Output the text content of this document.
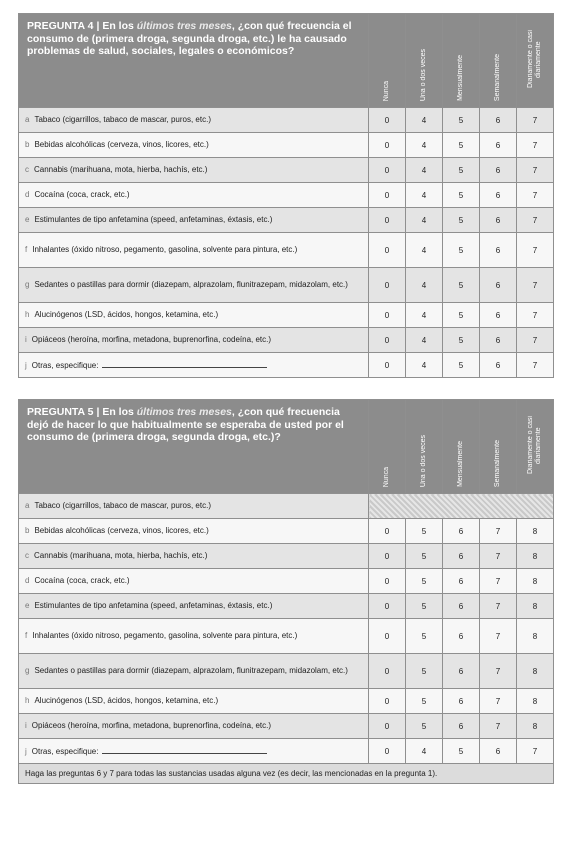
PREGUNTA 4 | En los últimos tres meses, ¿con qué frecuencia el consumo de (primera droga, segunda droga, etc.) le ha causado problemas de salud, sociales, legales o económicos?	Nunca	Una o dos veces	Mensualmente	Semanalmente	Diariamente o casi diariamente
a Tabaco (cigarrillos, tabaco de mascar, puros, etc.)	0	4	5	6	7
b Bebidas alcohólicas (cerveza, vinos, licores, etc.)	0	4	5	6	7
c Cannabis (marihuana, mota, hierba, hachís, etc.)	0	4	5	6	7
d Cocaína (coca, crack, etc.)	0	4	5	6	7
e Estimulantes de tipo anfetamina (speed, anfetaminas, éxtasis, etc.)	0	4	5	6	7
f Inhalantes (óxido nitroso, pegamento, gasolina, solvente para pintura, etc.)	0	4	5	6	7
g Sedantes o pastillas para dormir (diazepam, alprazolam, flunitrazepam, midazolam, etc.)	0	4	5	6	7
h Alucinógenos (LSD, ácidos, hongos, ketamina, etc.)	0	4	5	6	7
i Opiáceos (heroína, morfina, metadona, buprenorfina, codeína, etc.)	0	4	5	6	7
j Otras, especifique:	0	4	5	6	7
PREGUNTA 5 | En los últimos tres meses, ¿con qué frecuencia dejó de hacer lo que habitualmente se esperaba de usted por el consumo de (primera droga, segunda droga, etc.)?	Nunca	Una o dos veces	Mensualmente	Semanalmente	Diariamente o casi diariamente
a Tabaco (cigarrillos, tabaco de mascar, puros, etc.)					
b Bebidas alcohólicas (cerveza, vinos, licores, etc.)	0	5	6	7	8
c Cannabis (marihuana, mota, hierba, hachís, etc.)	0	5	6	7	8
d Cocaína (coca, crack, etc.)	0	5	6	7	8
e Estimulantes de tipo anfetamina (speed, anfetaminas, éxtasis, etc.)	0	5	6	7	8
f Inhalantes (óxido nitroso, pegamento, gasolina, solvente para pintura, etc.)	0	5	6	7	8
g Sedantes o pastillas para dormir (diazepam, alprazolam, flunitrazepam, midazolam, etc.)	0	5	6	7	8
h Alucinógenos (LSD, ácidos, hongos, ketamina, etc.)	0	5	6	7	8
i Opiáceos (heroína, morfina, metadona, buprenorfina, codeína, etc.)	0	5	6	7	8
j Otras, especifique:	0	4	5	6	7
Haga las preguntas 6 y 7 para todas las sustancias usadas alguna vez (es decir, las mencionadas en la pregunta 1).					
